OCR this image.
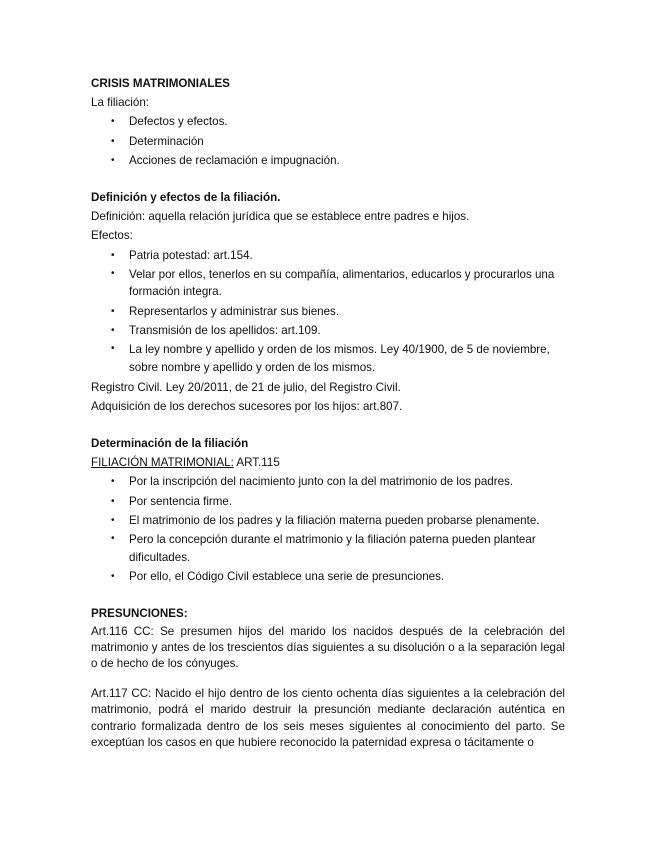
CRISIS MATRIMONIALES
La filiación:
• Defectos y efectos.
• Determinación
• Acciones de reclamación e impugnación.
Definición y efectos de la filiación.
Definición: aquella relación jurídica que se establece entre padres e hijos.
Efectos:
• Patria potestad: art.154.
• Velar por ellos, tenerlos en su compañía, alimentarios, educarlos y procurarlos una formación integra.
• Representarlos y administrar sus bienes.
• Transmisión de los apellidos: art.109.
• La ley nombre y apellido y orden de los mismos. Ley 40/1900, de 5 de noviembre, sobre nombre y apellido y orden de los mismos.
Registro Civil. Ley 20/2011, de 21 de julio, del Registro Civil.
Adquisición de los derechos sucesores por los hijos: art.807.
Determinación de la filiación
FILIACIÓN MATRIMONIAL: ART.115
• Por la inscripción del nacimiento junto con la del matrimonio de los padres.
• Por sentencia firme.
• El matrimonio de los padres y la filiación materna pueden probarse plenamente.
• Pero la concepción durante el matrimonio y la filiación paterna pueden plantear dificultades.
• Por ello, el Código Civil establece una serie de presunciones.
PRESUNCIONES:

Art.116 CC: Se presumen hijos del marido los nacidos después de la celebración del matrimonio y antes de los trescientos días siguientes a su disolución o a la separación legal o de hecho de los cónyuges.

Art.117 CC: Nacido el hijo dentro de los ciento ochenta días siguientes a la celebración del matrimonio, podrá el marido destruir la presunción mediante declaración auténtica en contrario formalizada dentro de los seis meses siguientes al conocimiento del parto. Se exceptúan los casos en que hubiere reconocido la paternidad expresa o tácitamente o
